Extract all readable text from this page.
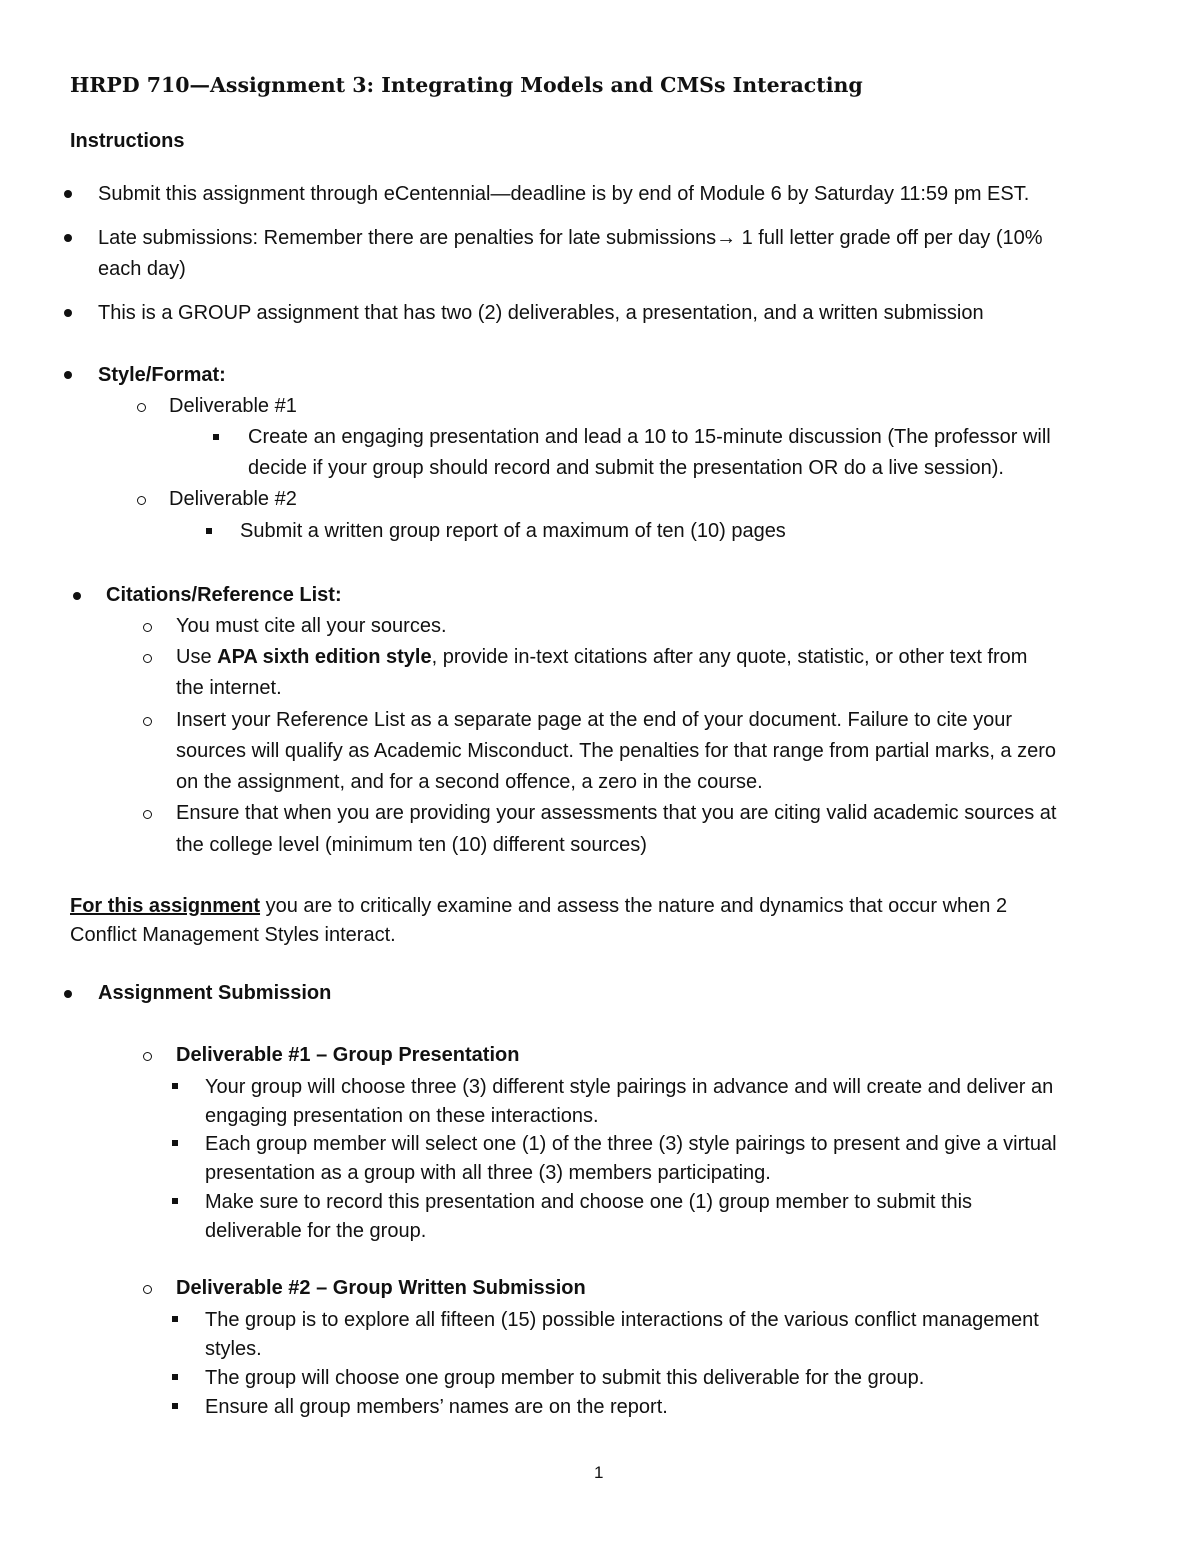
HRPD 710—Assignment 3: Integrating Models and CMSs Interacting
Instructions
Submit this assignment through eCentennial—deadline is by end of Module 6 by Saturday 11:59 pm EST.
Late submissions: Remember there are penalties for late submissions→ 1 full letter grade off per day (10%
each day)
This is a GROUP assignment that has two (2) deliverables, a presentation, and a written submission
Style/Format:
Deliverable #1
Create an engaging presentation and lead a 10 to 15-minute discussion (The professor will
decide if your group should record and submit the presentation OR do a live session).
Deliverable #2
Submit a written group report of a maximum of ten (10) pages
Citations/Reference List:
You must cite all your sources.
Use APA sixth edition style, provide in-text citations after any quote, statistic, or other text from
the internet.
Insert your Reference List as a separate page at the end of your document. Failure to cite your
sources will qualify as Academic Misconduct. The penalties for that range from partial marks, a zero
on the assignment, and for a second offence, a zero in the course.
Ensure that when you are providing your assessments that you are citing valid academic sources at
the college level (minimum ten (10) different sources)
For this assignment you are to critically examine and assess the nature and dynamics that occur when 2
Conflict Management Styles interact.
Assignment Submission
Deliverable #1 – Group Presentation
Your group will choose three (3) different style pairings in advance and will create and deliver an
engaging presentation on these interactions.
Each group member will select one (1) of the three (3) style pairings to present and give a virtual
presentation as a group with all three (3) members participating.
Make sure to record this presentation and choose one (1) group member to submit this
deliverable for the group.
Deliverable #2 – Group Written Submission
The group is to explore all fifteen (15) possible interactions of the various conflict management
styles.
The group will choose one group member to submit this deliverable for the group.
Ensure all group members’ names are on the report.
1
